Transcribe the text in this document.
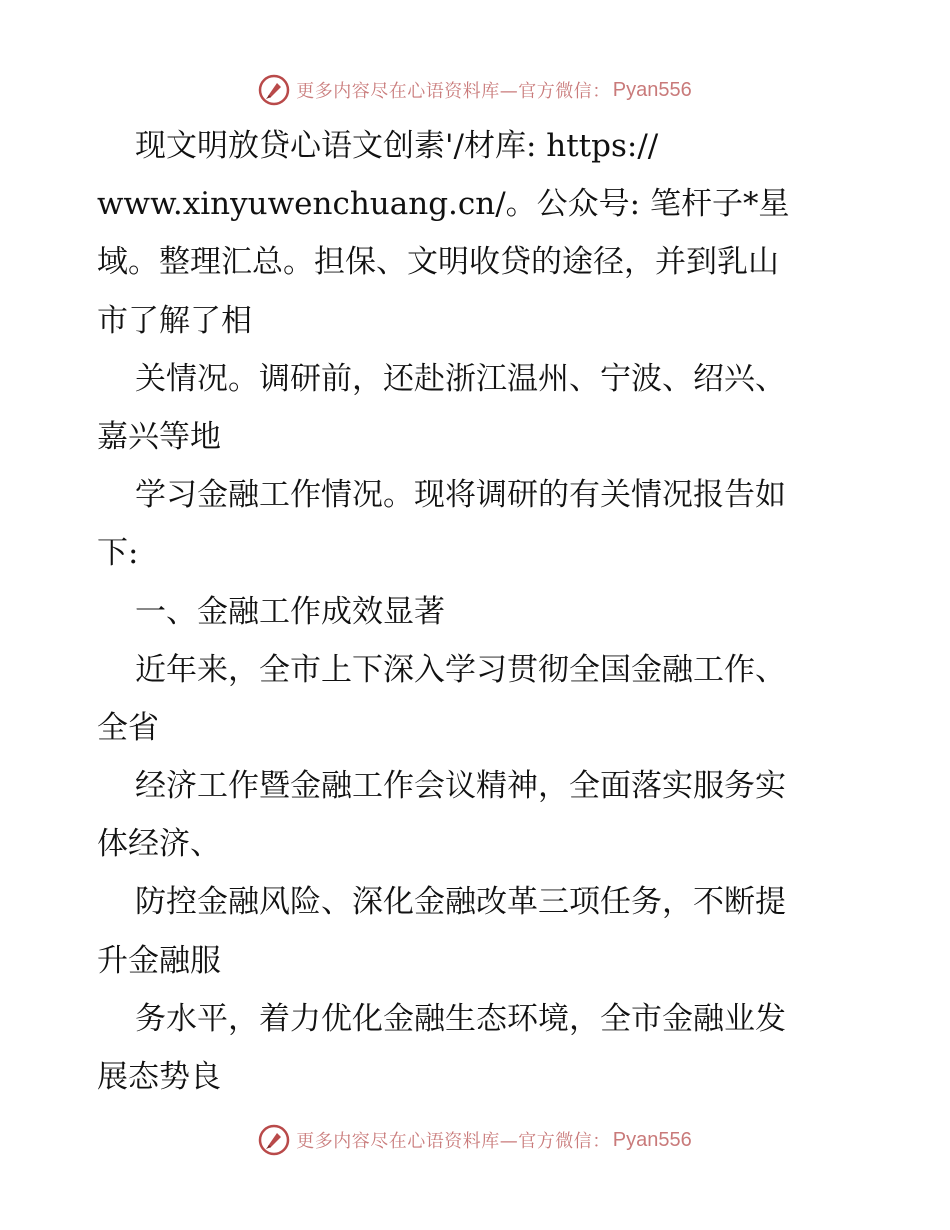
更多内容尽在心语资料库—官方微信： Pyan556
现文明放贷心语文创素'/材库: https://
www.xinyuwenchuang.cn/。公众号: 笔杆子*星
域。整理汇总。担保、文明收贷的途径，并到乳山
市了解了相
关情况。调研前，还赴浙江温州、宁波、绍兴、
嘉兴等地
学习金融工作情况。现将调研的有关情况报告如
下:
一、金融工作成效显著
近年来，全市上下深入学习贯彻全国金融工作、
全省
经济工作暨金融工作会议精神，全面落实服务实
体经济、
防控金融风险、深化金融改革三项任务，不断提
升金融服
务水平，着力优化金融生态环境，全市金融业发
展态势良
更多内容尽在心语资料库—官方微信： Pyan556
